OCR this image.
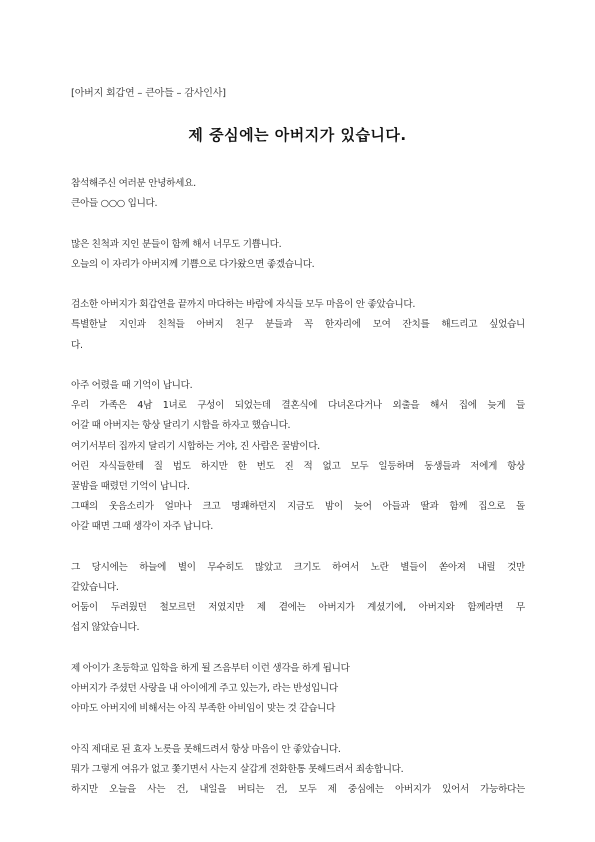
[아버지 회갑연 – 큰아들 – 감사인사]
제 중심에는 아버지가 있습니다.

참석해주신 여러분 안녕하세요.
큰아들 ○○○ 입니다.

많은 친척과 지인 분들이 함께 해서 너무도 기쁩니다.
오늘의 이 자리가 아버지께 기쁨으로 다가왔으면 좋겠습니다.

검소한 아버지가 회갑연을 끝까지 마다하는 바람에 자식들 모두 마음이 안 좋았습니다.
특별한날 지인과 친척들 아버지 친구 분들과 꼭 한자리에 모여 잔치를 해드리고 싶었습니
다.

아주 어렸을 때 기억이 납니다.
우리 가족은 4남 1녀로 구성이 되었는데 결혼식에 다녀온다거나 외출을 해서 집에 늦게 들
어갈 때 아버지는 항상 달리기 시합을 하자고 했습니다.
여기서부터 집까지 달리기 시합하는 거야, 진 사람은 꿀밤이다.
어린 자식들한테 질 법도 하지만 한 번도 진 적 없고 모두 일등하며 동생들과 저에게 항상
꿀밤을 때렸던 기억이 납니다.
그때의 웃음소리가 얼마나 크고 명쾌하던지 지금도 밤이 늦어 아들과 딸과 함께 집으로 돌
아갈 때면 그때 생각이 자주 납니다.

그 당시에는 하늘에 별이 무수히도 많았고 크기도 하여서 노란 별들이 쏟아져 내릴 것만
같았습니다.
어둠이 두려웠던 철모르던 저였지만 제 곁에는 아버지가 계셨기에, 아버지와 함께라면 무
섭지 않았습니다.

제 아이가 초등학교 입학을 하게 될 즈음부터 이런 생각을 하게 됩니다
아버지가 주셨던 사랑을 내 아이에게 주고 있는가, 라는 반성입니다
아마도 아버지에 비해서는 아직 부족한 아비임이 맞는 것 같습니다

아직 제대로 된 효자 노릇을 못해드려서 항상 마음이 안 좋았습니다.
뭐가 그렇게 여유가 없고 쫓기면서 사는지 살갑게 전화한통 못해드려서 죄송합니다.
하지만 오늘을 사는 건, 내일을 버티는 건, 모두 제 중심에는 아버지가 있어서 가능하다는
